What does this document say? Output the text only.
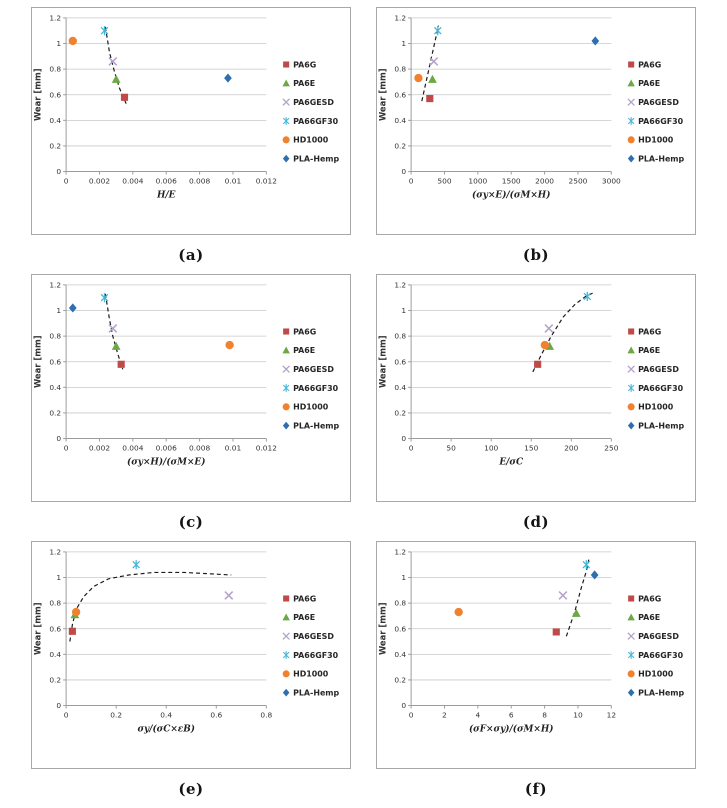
0
0.2
0.4
0.6
0.8
1
1.2
0	0.002 0.004 0.006 0.008 0.01 0.012
Wear [mm]
H/E
PA6G
PA6E
PA6GESD
PA66GF30
HD1000
PLA-Hemp
(a)
0
0.2
0.4
0.6
0.8
1
1.2
0	500 1000 1500 2000 2500 3000
Wear [mm]
(σy×E)/(σM×H)
PA6G
PA6E
PA6GESD
PA66GF30
HD1000
PLA-Hemp
(b)
0
0.2
0.4
0.6
0.8
1
1.2
0	0.002 0.004 0.006 0.008 0.01 0.012
Wear [mm]
(σy×H)/(σM×E)
PA6G
PA6E
PA6GESD
PA66GF30
HD1000
PLA-Hemp
(c)
0
0.2
0.4
0.6
0.8
1
1.2
0	50	100	150	200	250
Wear [mm]
E/σC
PA6G
PA6E
PA6GESD
PA66GF30
HD1000
PLA-Hemp
(d)
0
0.2
0.4
0.6
0.8
1
1.2
0	0.2	0.4	0.6	0.8
Wear [mm]
σy/(σC×εB)
PA6G
PA6E
PA6GESD
PA66GF30
HD1000
PLA-Hemp
(e)
0
0.2
0.4
0.6
0.8
1
1.2
0	2	4	6	8	10	12
Wear [mm]
(σF×σy)/(σM×H)
PA6G
PA6E
PA6GESD
PA66GF30
HD1000
PLA-Hemp
(f)
